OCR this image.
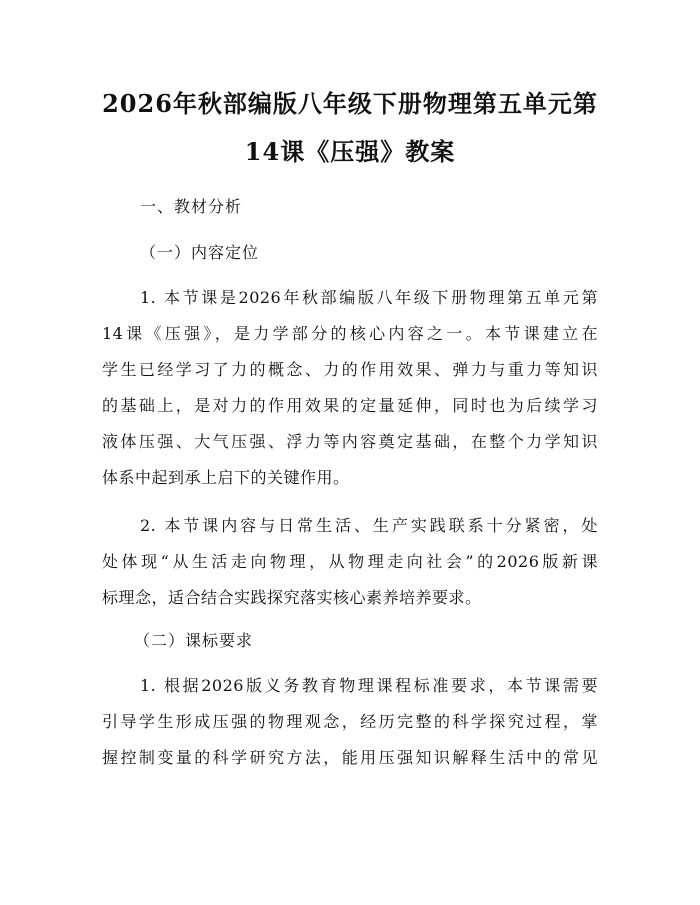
2026年秋部编版八年级下册物理第五单元第
14课《压强》教案
一、教材分析
（一）内容定位
1. 本节课是2026年秋部编版八年级下册物理第五单元第
14课《压强》，是力学部分的核心内容之一。本节课建立在
学生已经学习了力的概念、力的作用效果、弹力与重力等知识
的基础上，是对力的作用效果的定量延伸，同时也为后续学习
液体压强、大气压强、浮力等内容奠定基础，在整个力学知识
体系中起到承上启下的关键作用。
2. 本节课内容与日常生活、生产实践联系十分紧密，处
处体现“从生活走向物理，从物理走向社会”的2026版新课
标理念，适合结合实践探究落实核心素养培养要求。
（二）课标要求
1. 根据2026版义务教育物理课程标准要求，本节课需要
引导学生形成压强的物理观念，经历完整的科学探究过程，掌
握控制变量的科学研究方法，能用压强知识解释生活中的常见
